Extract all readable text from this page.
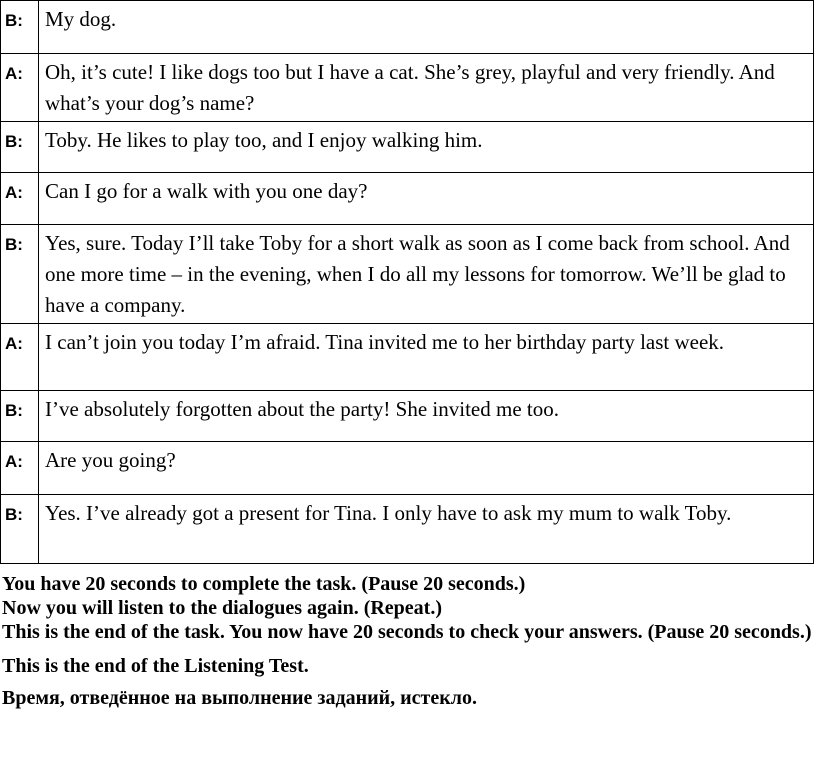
B:	My dog.
A:	Oh, it’s cute! I like dogs too but I have a cat. She’s grey, playful and very friendly. And what’s your dog’s name?
B:	Toby. He likes to play too, and I enjoy walking him.
A:	Can I go for a walk with you one day?
B:	Yes, sure. Today I’ll take Toby for a short walk as soon as I come back from school. And one more time – in the evening, when I do all my lessons for tomorrow. We’ll be glad to have a company.
A:	I can’t join you today I’m afraid. Tina invited me to her birthday party last week.
B:	I’ve absolutely forgotten about the party! She invited me too.
A:	Are you going?
B:	Yes. I’ve already got a present for Tina. I only have to ask my mum to walk Toby.

You have 20 seconds to complete the task. (Pause 20 seconds.)

Now you will listen to the dialogues again. (Repeat.)

This is the end of the task. You now have 20 seconds to check your answers. (Pause 20 seconds.)

This is the end of the Listening Test.

Время, отведённое на выполнение заданий, истекло.
